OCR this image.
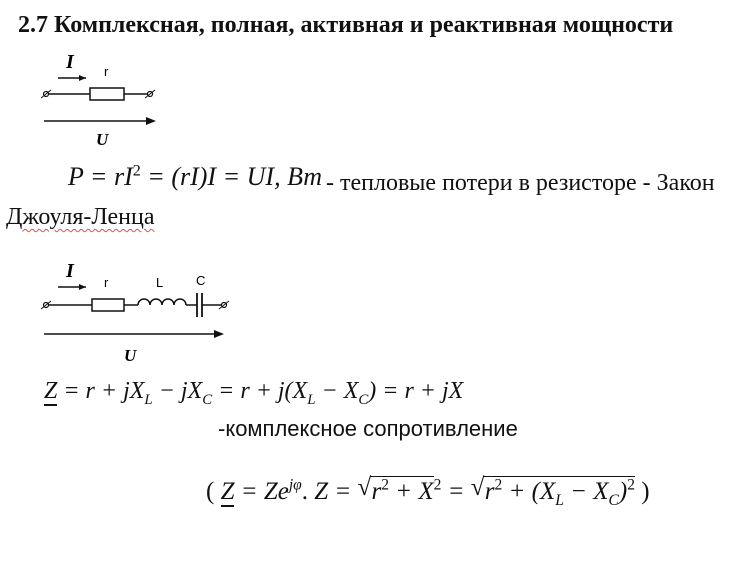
2.7 Комплексная, полная, активная и реактивная мощности
I r
U
$P = rI^2 = (rI)I$ = UI, Вт - тепловые потери в резисторе - Закон
Джоуля-Ленца
I
r	L	C
U
$Z = r + jX_L - jX_C = r + j(X_L - X_C) = r$ + jX
-комплексное сопротивление
( $Z = Ze^{j\varphi}$. Z = √ $r^2 + X^2$ = √ $r^2 + (X_L - X_C)^2$ )
